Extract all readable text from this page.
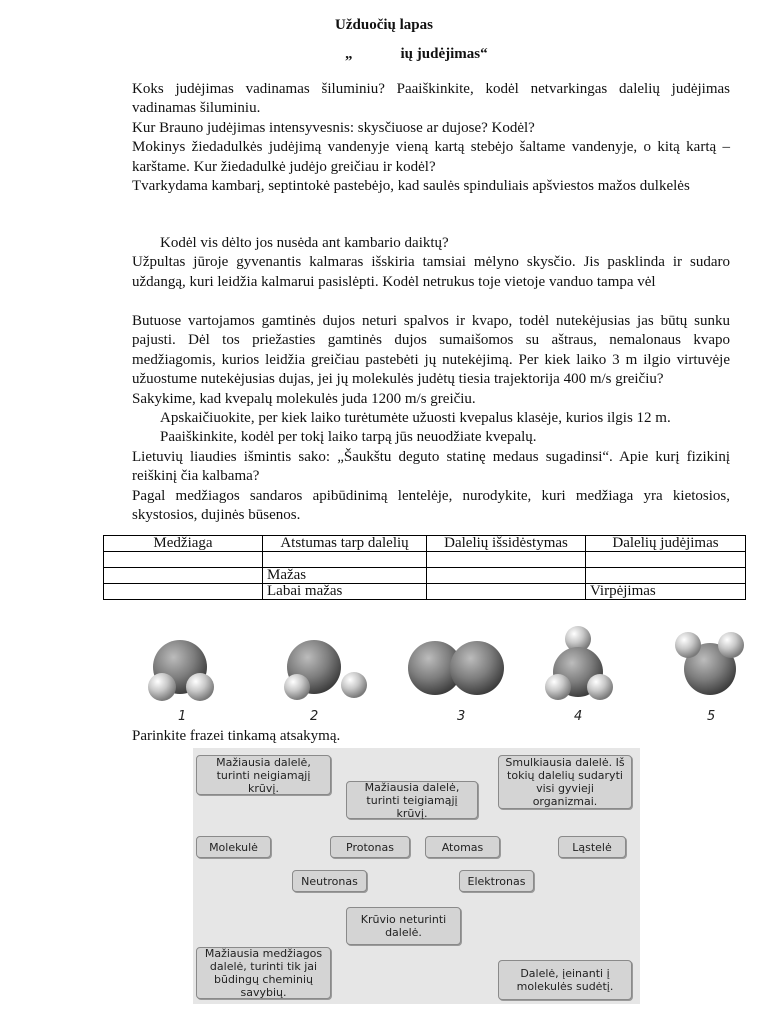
Užduočių lapas
„	ių judėjimas“

Koks judėjimas vadinamas šiluminiu? Paaiškinkite, kodėl netvarkingas dalelių judėjimas vadinamas šiluminiu.

Kur Brauno judėjimas intensyvesnis: skysčiuose ar dujose? Kodėl?

Mokinys žiedadulkės judėjimą vandenyje vieną kartą stebėjo šaltame vandenyje, o kitą kartą – karštame. Kur žiedadulkė judėjo greičiau ir kodėl?

Tvarkydama kambarį, septintokė pastebėjo, kad saulės spinduliais apšviestos mažos dulkelės

Kodėl vis dėlto jos nusėda ant kambario daiktų?

Užpultas jūroje gyvenantis kalmaras išskiria tamsiai mėlyno skysčio. Jis pasklinda ir sudaro uždangą, kuri leidžia kalmarui pasislėpti. Kodėl netrukus toje vietoje vanduo tampa vėl

Butuose vartojamos gamtinės dujos neturi spalvos ir kvapo, todėl nutekėjusias jas būtų sunku pajusti. Dėl tos priežasties gamtinės dujos sumaišomos su aštraus, nemalonaus kvapo medžiagomis, kurios leidžia greičiau pastebėti jų nutekėjimą. Per kiek laiko 3 m ilgio virtuvėje užuostume nutekėjusias dujas, jei jų molekulės judėtų tiesia trajektorija 400 m/s greičiu?

Sakykime, kad kvepalų molekulės juda 1200 m/s greičiu.

Apskaičiuokite, per kiek laiko turėtumėte užuosti kvepalus klasėje, kurios ilgis 12 m.

Paaiškinkite, kodėl per tokį laiko tarpą jūs neuodžiate kvepalų.

Lietuvių liaudies išmintis sako: „Šaukštu deguto statinę medaus sugadinsi“. Apie kurį fizikinį reiškinį čia kalbama?

Pagal medžiagos sandaros apibūdinimą lentelėje, nurodykite, kuri medžiaga yra kietosios, skystosios, dujinės būsenos.

Medžiaga	Atstumas tarp dalelių	Dalelių išsidėstymas	Dalelių judėjimas

	Mažas		
	Labai mažas		Virpėjimas
1	2	3	4	5
Parinkite frazei tinkamą atsakymą.
Mažiausia dalelė, turinti neigiamąjį krūvį.	Mažiausia dalelė, turinti teigiamąjį krūvį.
Smulkiausia dalelė. Iš tokių dalelių sudaryti visi gyvieji organizmai.
Molekulė	Protonas	Atomas	Ląstelė
Neutronas	Elektronas
Krūvio neturinti dalelė.
Mažiausia medžiagos dalelė, turinti tik jai būdingų cheminių savybių.
Dalelė, įeinanti į molekulės sudėtį.
